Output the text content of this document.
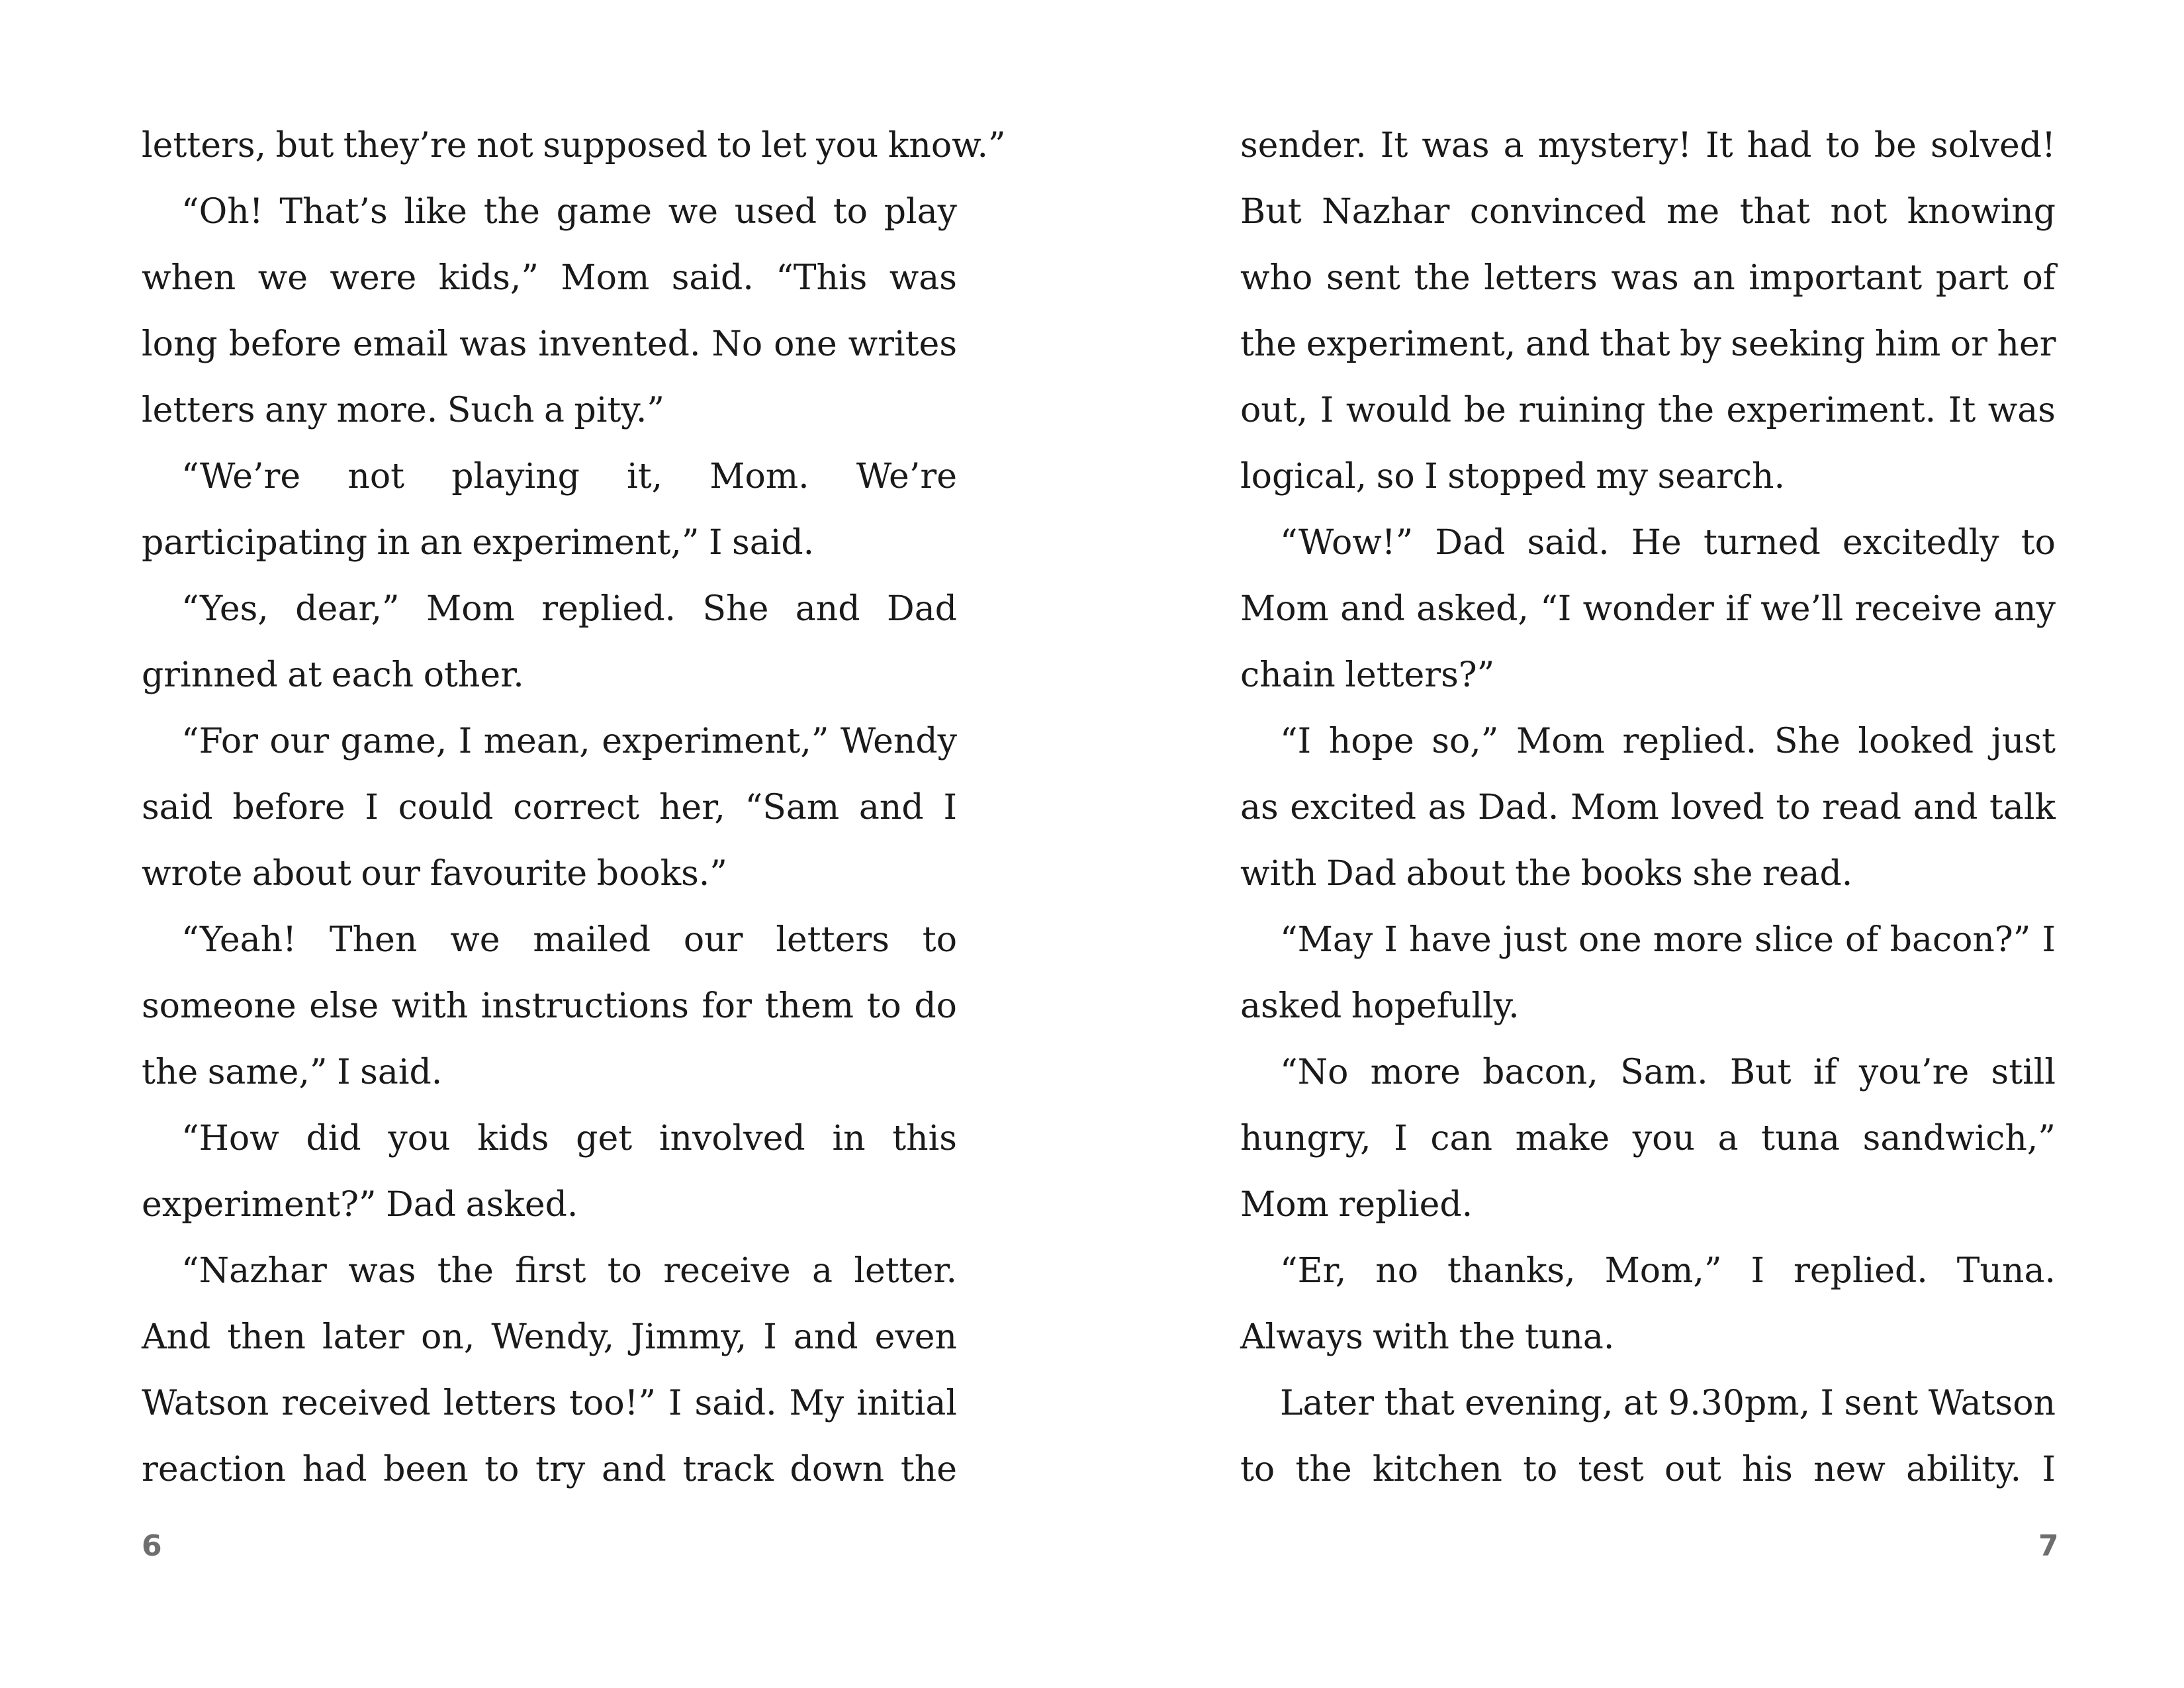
letters, but they’re not supposed to let you know.”
“Oh! That’s like the game we used to play
when we were kids,” Mom said. “This was
long before email was invented. No one writes
letters any more. Such a pity.”
“We’re not playing it, Mom. We’re
participating in an experiment,” I said.
“Yes, dear,” Mom replied. She and Dad
grinned at each other.
“For our game, I mean, experiment,” Wendy
said before I could correct her, “Sam and I
wrote about our favourite books.”
“Yeah! Then we mailed our letters to
someone else with instructions for them to do
the same,” I said.
“How did you kids get involved in this
experiment?” Dad asked.
“Nazhar was the first to receive a letter.
And then later on, Wendy, Jimmy, I and even
Watson received letters too!” I said. My initial
reaction had been to try and track down the
sender. It was a mystery! It had to be solved!
But Nazhar convinced me that not knowing
who sent the letters was an important part of
the experiment, and that by seeking him or her
out, I would be ruining the experiment. It was
logical, so I stopped my search.
“Wow!” Dad said. He turned excitedly to
Mom and asked, “I wonder if we’ll receive any
chain letters?”
“I hope so,” Mom replied. She looked just
as excited as Dad. Mom loved to read and talk
with Dad about the books she read.
“May I have just one more slice of bacon?” I
asked hopefully.
“No more bacon, Sam. But if you’re still
hungry, I can make you a tuna sandwich,”
Mom replied.
“Er, no thanks, Mom,” I replied. Tuna.
Always with the tuna.
Later that evening, at 9.30pm, I sent Watson
to the kitchen to test out his new ability. I
6	7
